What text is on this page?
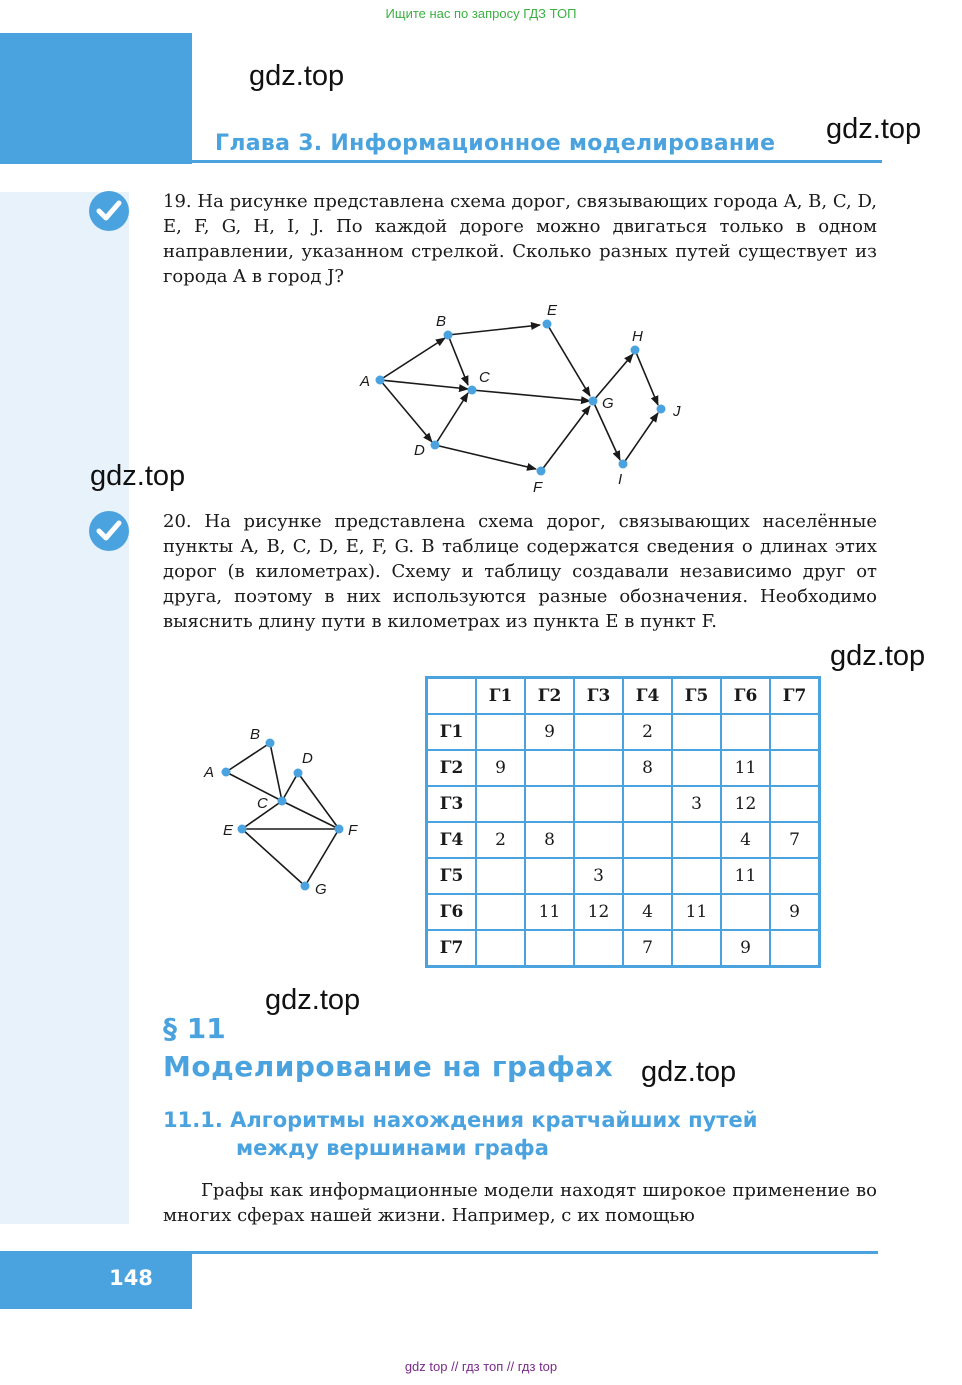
Ищите нас по запросу ГДЗ ТОП
gdz.top
gdz.top
Глава 3. Информационное моделирование
19. На рисунке представлена схема дорог, связывающих города A, B, C, D, E, F, G, H, I, J. По каждой дороге можно двигаться только в одном направлении, указанном стрелкой. Сколько разных путей существует из города A в город J?
A
B
C
D
E
F
G
H
I
J
gdz.top
20. На рисунке представлена схема дорог, связывающих населённые пункты A, B, C, D, E, F, G. В таблице содержатся сведения о длинах этих дорог (в километрах). Схему и таблицу создавали независимо друг от друга, поэтому в них используются разные обозначения. Необходимо выяснить длину пути в километрах из пункта E в пункт F.
gdz.top
A
B
C
D
E	F
G
	Г1	Г2	Г3	Г4	Г5	Г6	Г7
Г1		9		2			
Г2	9			8		11	
Г3					3	12	
Г4	2	8				4	7
Г5			3			11	
Г6		11	12	4	11		9
Г7				7		9	
gdz.top
§ 11
Моделирование на графах gdz.top
11.1. Алгоритмы нахождения кратчайших путей
между вершинами графа
Графы как информационные модели находят широкое применение во многих сферах нашей жизни. Например, с их помощью
148
gdz top // гдз топ // гдз top
